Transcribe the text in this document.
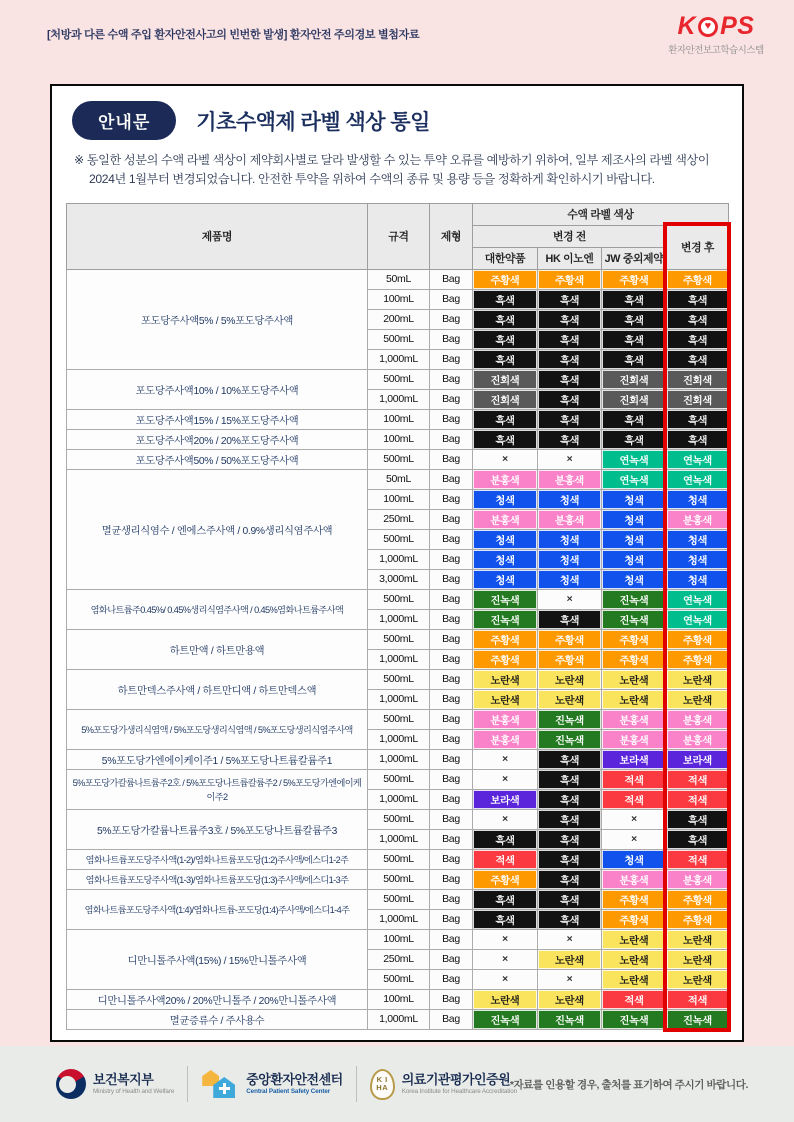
[처방과 다른 수액 주입 환자안전사고의 빈번한 발생] 환자안전 주의경보 별첨자료	K ♥ PS
환자안전보고학습시스템
안내문	기초수액제 라벨 색상 통일

※ 동일한 성분의 수액 라벨 색상이 제약회사별로 달라 발생할 수 있는 투약 오류를 예방하기 위하여, 일부 제조사의 라벨 색상이 2024년 1월부터 변경되었습니다. 안전한 투약을 위하여 수액의 종류 및 용량 등을 정확하게 확인하시기 바랍니다.

제품명	규격	제형	수액 라벨 색상			
			변경 전			변경 후
			대한약품	HK 이노엔	JW 중외제약	
포도당주사액5% / 5%포도당주사액	50mL	Bag	주황색	주황색	주황색	주황색
	100mL	Bag	흑색	흑색	흑색	흑색
	200mL	Bag	흑색	흑색	흑색	흑색
	500mL	Bag	흑색	흑색	흑색	흑색
	1,000mL	Bag	흑색	흑색	흑색	흑색
포도당주사액10% / 10%포도당주사액	500mL	Bag	진회색	흑색	진회색	진회색
	1,000mL	Bag	진회색	흑색	진회색	진회색
포도당주사액15% / 15%포도당주사액	100mL	Bag	흑색	흑색	흑색	흑색
포도당주사액20% / 20%포도당주사액	100mL	Bag	흑색	흑색	흑색	흑색
포도당주사액50% / 50%포도당주사액	500mL	Bag	×	×	연녹색	연녹색
멸균생리식염수 / 엔에스주사액 / 0.9%생리식염주사액	50mL	Bag	분홍색	분홍색	연녹색	연녹색
	100mL	Bag	청색	청색	청색	청색
	250mL	Bag	분홍색	분홍색	청색	분홍색
	500mL	Bag	청색	청색	청색	청색
	1,000mL	Bag	청색	청색	청색	청색
	3,000mL	Bag	청색	청색	청색	청색
염화나트륨주0.45%/ 0.45%생리식염주사액 / 0.45%염화나트륨주사액	500mL	Bag	진녹색	×	진녹색	연녹색
	1,000mL	Bag	진녹색	흑색	진녹색	연녹색
하트만액 / 하트만용액	500mL	Bag	주황색	주황색	주황색	주황색
	1,000mL	Bag	주황색	주황색	주황색	주황색
하트만덱스주사액 / 하트만디액 / 하트만덱스액	500mL	Bag	노란색	노란색	노란색	노란색
	1,000mL	Bag	노란색	노란색	노란색	노란색
5%포도당가생리식염액 / 5%포도당생리식염액 / 5%포도당생리식염주사액	500mL	Bag	분홍색	진녹색	분홍색	분홍색
	1,000mL	Bag	분홍색	진녹색	분홍색	분홍색
5%포도당가엔에이케이주1 / 5%포도당나트륨칼륨주1	1,000mL	Bag	×	흑색	보라색	보라색
5%포도당가칼륨나트륨주2호 / 5%포도당나트륨칼륨주2 / 5%포도당가엔에이케이주2	500mL	Bag	×	흑색	적색	적색
	1,000mL	Bag	보라색	흑색	적색	적색
5%포도당가칼륨나트륨주3호 / 5%포도당나트륨칼륨주3	500mL	Bag	×	흑색	×	흑색
	1,000mL	Bag	흑색	흑색	×	흑색
염화나트륨포도당주사액(1-2)/염화나트륨포도당(1:2)주사액/에스디1-2주	500mL	Bag	적색	흑색	청색	적색
염화나트륨포도당주사액(1-3)/염화나트륨포도당(1:3)주사액/에스디1-3주	500mL	Bag	주황색	흑색	분홍색	분홍색
염화나트륨포도당주사액(1:4)/염화나트륨-포도당(1:4)주사액/에스디1-4주	500mL	Bag	흑색	흑색	주황색	주황색
	1,000mL	Bag	흑색	흑색	주황색	주황색
디만니톨주사액(15%) / 15%만니톨주사액	100mL	Bag	×	×	노란색	노란색
	250mL	Bag	×	노란색	노란색	노란색
	500mL	Bag	×	×	노란색	노란색
디만니톨주사액20% / 20%만니톨주 / 20%만니톨주사액	100mL	Bag	노란색	노란색	적색	적색
멸균증류수 / 주사용수	1,000mL	Bag	진녹색	진녹색	진녹색	진녹색
보건복지부
Ministry of Health and Welfare
중앙환자안전센터
Central Patient Safety Center
K I
HA
의료기관평가인증원
Korea Institute for Healthcare Accreditation
*자료를 인용할 경우, 출처를 표기하여 주시기 바랍니다.
